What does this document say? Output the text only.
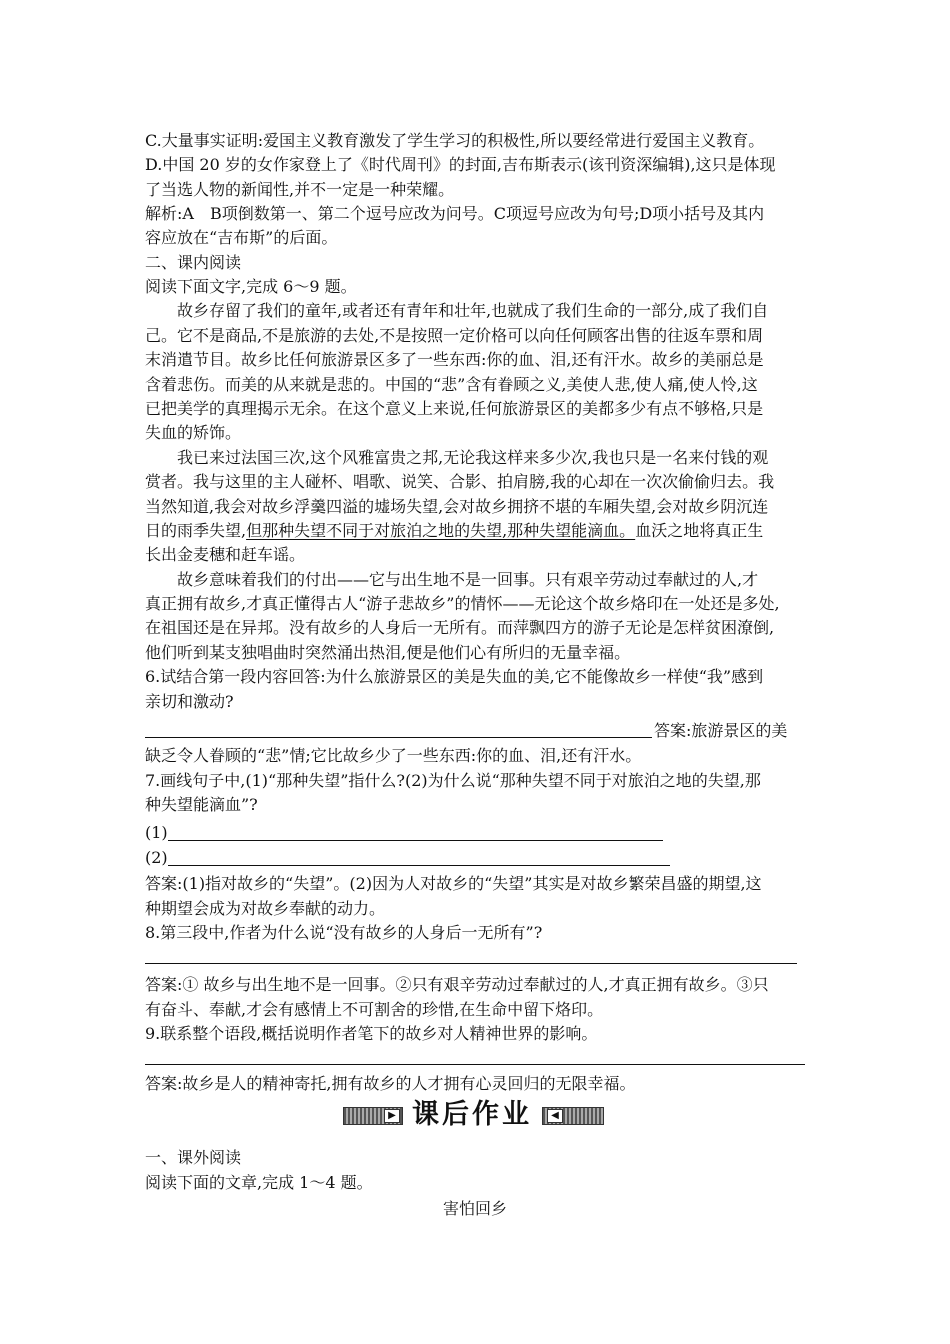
C.大量事实证明:爱国主义教育激发了学生学习的积极性,所以要经常进行爱国主义教育。
D.中国 20 岁的女作家登上了《时代周刊》的封面,吉布斯表示(该刊资深编辑),这只是体现
了当选人物的新闻性,并不一定是一种荣耀。
解析:A　B项倒数第一、第二个逗号应改为问号。C项逗号应改为句号;D项小括号及其内
容应放在“吉布斯”的后面。
二、课内阅读
阅读下面文字,完成 6～9 题。
故乡存留了我们的童年,或者还有青年和壮年,也就成了我们生命的一部分,成了我们自
己。它不是商品,不是旅游的去处,不是按照一定价格可以向任何顾客出售的往返车票和周
末消遣节目。故乡比任何旅游景区多了一些东西:你的血、泪,还有汗水。故乡的美丽总是
含着悲伤。而美的从来就是悲的。中国的“悲”含有眷顾之义,美使人悲,使人痛,使人怜,这
已把美学的真理揭示无余。在这个意义上来说,任何旅游景区的美都多少有点不够格,只是
失血的矫饰。
我已来过法国三次,这个风雅富贵之邦,无论我这样来多少次,我也只是一名来付钱的观
赏者。我与这里的主人碰杯、唱歌、说笑、合影、拍肩膀,我的心却在一次次偷偷归去。我
当然知道,我会对故乡浮羹四溢的墟场失望,会对故乡拥挤不堪的车厢失望,会对故乡阴沉连
日的雨季失望,但那种失望不同于对旅泊之地的失望,那种失望能滴血。血沃之地将真正生
长出金麦穗和赶车谣。
故乡意味着我们的付出——它与出生地不是一回事。只有艰辛劳动过奉献过的人,才
真正拥有故乡,才真正懂得古人“游子悲故乡”的情怀——无论这个故乡烙印在一处还是多处,
在祖国还是在异邦。没有故乡的人身后一无所有。而萍飘四方的游子无论是怎样贫困潦倒,
他们听到某支独唱曲时突然涌出热泪,便是他们心有所归的无量幸福。
6.试结合第一段内容回答:为什么旅游景区的美是失血的美,它不能像故乡一样使“我”感到
亲切和激动?
答案:旅游景区的美
缺乏令人眷顾的“悲”情;它比故乡少了一些东西:你的血、泪,还有汗水。
7.画线句子中,(1)“那种失望”指什么?(2)为什么说“那种失望不同于对旅泊之地的失望,那
种失望能滴血”?
(1)
(2)
答案:(1)指对故乡的“失望”。(2)因为人对故乡的“失望”其实是对故乡繁荣昌盛的期望,这
种期望会成为对故乡奉献的动力。
8.第三段中,作者为什么说“没有故乡的人身后一无所有”?
答案:① 故乡与出生地不是一回事。②只有艰辛劳动过奉献过的人,才真正拥有故乡。③只
有奋斗、奉献,才会有感情上不可割舍的珍惜,在生命中留下烙印。
9.联系整个语段,概括说明作者笔下的故乡对人精神世界的影响。
答案:故乡是人的精神寄托,拥有故乡的人才拥有心灵回归的无限幸福。
▶ 课后作业	◀
一、课外阅读
阅读下面的文章,完成 1～4 题。
害怕回乡
